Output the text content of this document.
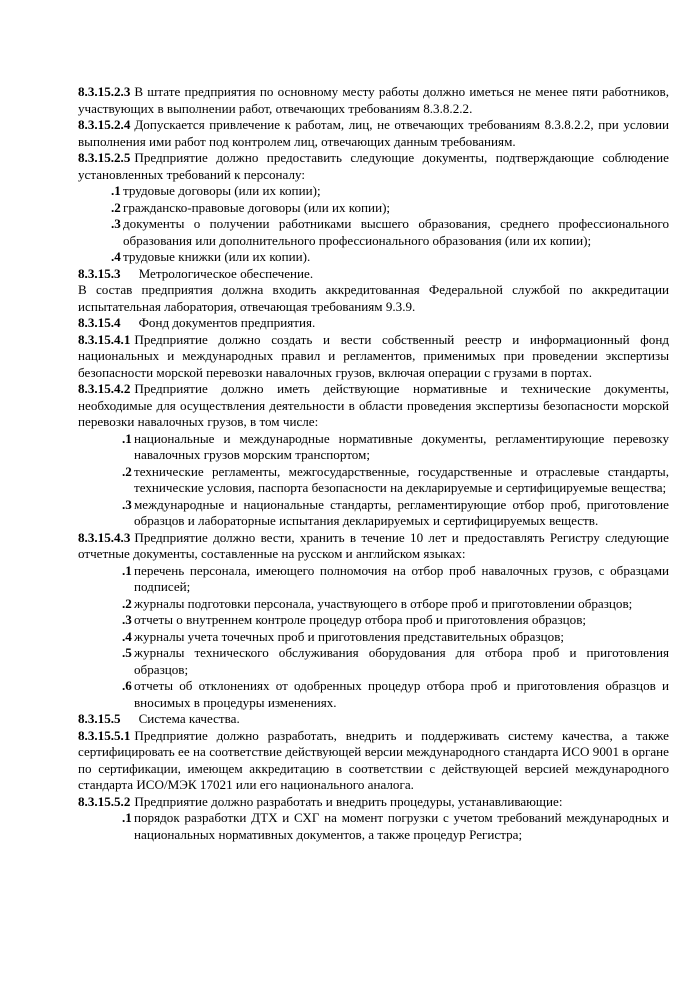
8.3.15.2.3 В штате предприятия по основному месту работы должно иметься не менее пяти работников, участвующих в выполнении работ, отвечающих требованиям 8.3.8.2.2.

8.3.15.2.4 Допускается привлечение к работам, лиц, не отвечающих требованиям 8.3.8.2.2, при условии выполнения ими работ под контролем лиц, отвечающих данным требованиям.

8.3.15.2.5 Предприятие должно предоставить следующие документы, подтверждающие соблюдение установленных требований к персоналу:

.1 трудовые договоры (или их копии);

.2 гражданско-правовые договоры (или их копии);

.3 документы о получении работниками высшего образования, среднего профессионального образования или дополнительного профессионального образования (или их копии);

.4 трудовые книжки (или их копии).

8.3.15.3 Метрологическое обеспечение.

В состав предприятия должна входить аккредитованная Федеральной службой по аккредитации испытательная лаборатория, отвечающая требованиям 9.3.9.

8.3.15.4 Фонд документов предприятия.

8.3.15.4.1 Предприятие должно создать и вести собственный реестр и информационный фонд национальных и международных правил и регламентов, применимых при проведении экспертизы безопасности морской перевозки навалочных грузов, включая операции с грузами в портах.

8.3.15.4.2 Предприятие должно иметь действующие нормативные и технические документы, необходимые для осуществления деятельности в области проведения экспертизы безопасности морской перевозки навалочных грузов, в том числе:

.1 национальные и международные нормативные документы, регламентирующие перевозку навалочных грузов морским транспортом;

.2 технические регламенты, межгосударственные, государственные и отраслевые стандарты, технические условия, паспорта безопасности на декларируемые и сертифицируемые вещества;

.3 международные и национальные стандарты, регламентирующие отбор проб, приготовление образцов и лабораторные испытания декларируемых и сертифицируемых веществ.

8.3.15.4.3 Предприятие должно вести, хранить в течение 10 лет и предоставлять Регистру следующие отчетные документы, составленные на русском и английском языках:

.1 перечень персонала, имеющего полномочия на отбор проб навалочных грузов, с образцами подписей;

.2 журналы подготовки персонала, участвующего в отборе проб и приготовлении образцов;

.3 отчеты о внутреннем контроле процедур отбора проб и приготовления образцов;

.4 журналы учета точечных проб и приготовления представительных образцов;

.5 журналы технического обслуживания оборудования для отбора проб и приготовления образцов;

.6 отчеты об отклонениях от одобренных процедур отбора проб и приготовления образцов и вносимых в процедуры изменениях.

8.3.15.5 Система качества.

8.3.15.5.1 Предприятие должно разработать, внедрить и поддерживать систему качества, а также сертифицировать ее на соответствие действующей версии международного стандарта ИСО 9001 в органе по сертификации, имеющем аккредитацию в соответствии с действующей версией международного стандарта ИСО/МЭК 17021 или его национального аналога.

8.3.15.5.2 Предприятие должно разработать и внедрить процедуры, устанавливающие:

.1 порядок разработки ДТХ и СХГ на момент погрузки с учетом требований международных и национальных нормативных документов, а также процедур Регистра;
